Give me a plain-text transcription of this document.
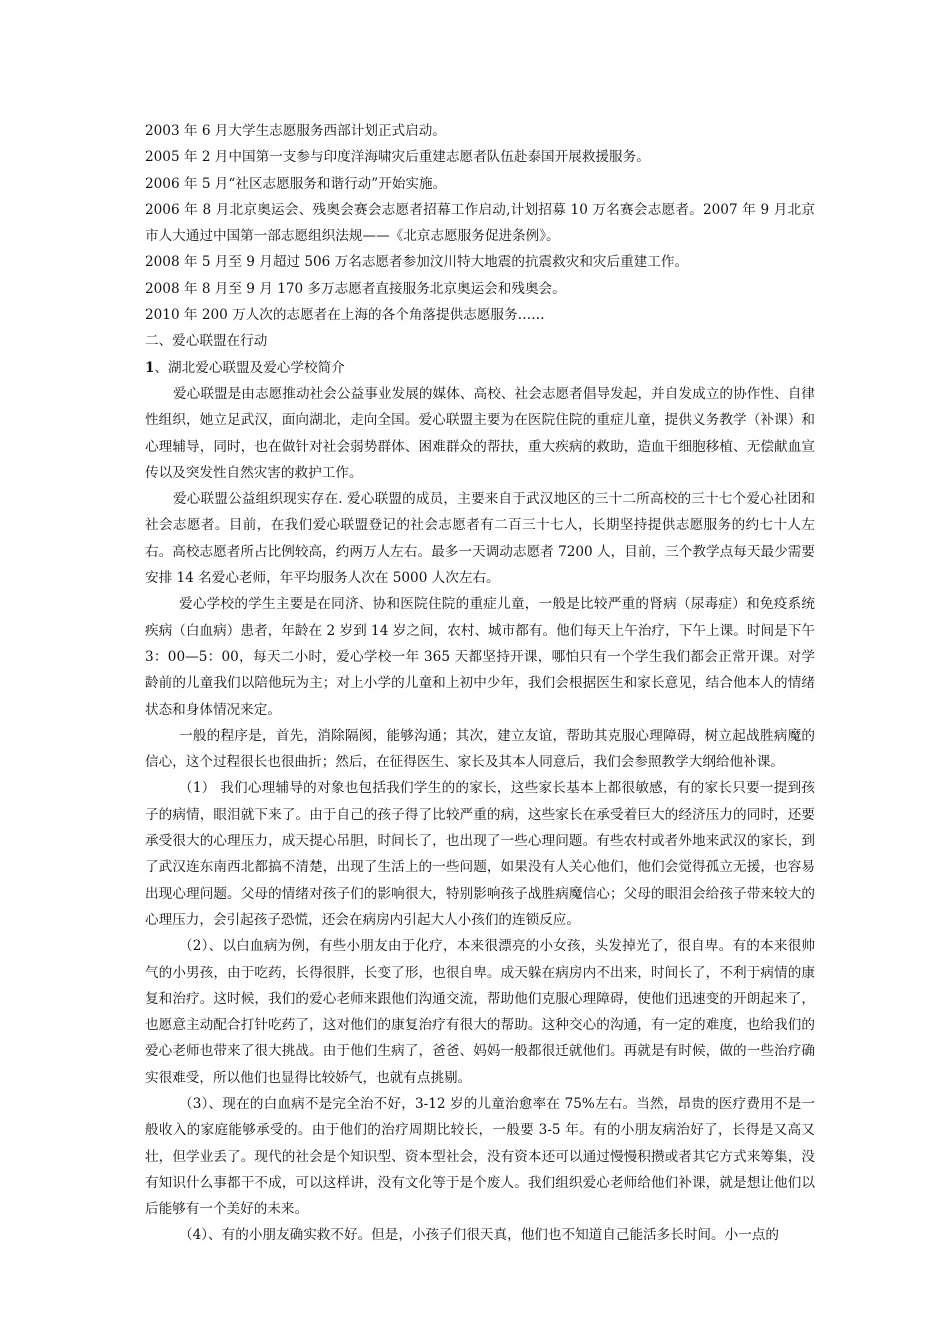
2003 年 6 月大学生志愿服务西部计划正式启动。

2005 年 2 月中国第一支参与印度洋海啸灾后重建志愿者队伍赴泰国开展救援服务。

2006 年 5 月“社区志愿服务和谐行动”开始实施。

2006 年 8 月北京奥运会、残奥会赛会志愿者招幕工作启动,计划招募 10 万名赛会志愿者。2007 年 9 月北京市人大通过中国第一部志愿组织法规——《北京志愿服务促进条例》。

2008 年 5 月至 9 月超过 506 万名志愿者参加汶川特大地震的抗震救灾和灾后重建工作。

2008 年 8 月至 9 月 170 多万志愿者直接服务北京奥运会和残奥会。

2010 年 200 万人次的志愿者在上海的各个角落提供志愿服务……

二、爱心联盟在行动

1、湖北爱心联盟及爱心学校简介

爱心联盟是由志愿推动社会公益事业发展的媒体、高校、社会志愿者倡导发起，并自发成立的协作性、自律性组织，她立足武汉，面向湖北，走向全国。爱心联盟主要为在医院住院的重症儿童，提供义务教学（补课）和心理辅导，同时，也在做针对社会弱势群体、困难群众的帮扶，重大疾病的救助，造血干细胞移植、无偿献血宣传以及突发性自然灾害的救护工作。

爱心联盟公益组织现实存在. 爱心联盟的成员，主要来自于武汉地区的三十二所高校的三十七个爱心社团和社会志愿者。目前，在我们爱心联盟登记的社会志愿者有二百三十七人，长期坚持提供志愿服务的约七十人左右。高校志愿者所占比例较高，约两万人左右。最多一天调动志愿者 7200 人，目前，三个教学点每天最少需要安排 14 名爱心老师，年平均服务人次在 5000 人次左右。

爱心学校的学生主要是在同济、协和医院住院的重症儿童，一般是比较严重的肾病（尿毒症）和免疫系统疾病（白血病）患者，年龄在 2 岁到 14 岁之间，农村、城市都有。他们每天上午治疗，下午上课。时间是下午 3：00—5：00，每天二小时，爱心学校一年 365 天都坚持开课，哪怕只有一个学生我们都会正常开课。对学龄前的儿童我们以陪他玩为主；对上小学的儿童和上初中少年，我们会根据医生和家长意见，结合他本人的情绪状态和身体情况来定。

一般的程序是，首先，消除隔阂，能够沟通；其次，建立友谊，帮助其克服心理障碍，树立起战胜病魔的信心，这个过程很长也很曲折；然后，在征得医生、家长及其本人同意后，我们会参照教学大纲给他补课。

（1） 我们心理辅导的对象也包括我们学生的的家长，这些家长基本上都很敏感，有的家长只要一提到孩子的病情，眼泪就下来了。由于自己的孩子得了比较严重的病，这些家长在承受着巨大的经济压力的同时，还要承受很大的心理压力，成天提心吊胆，时间长了，也出现了一些心理问题。有些农村或者外地来武汉的家长，到了武汉连东南西北都搞不清楚，出现了生活上的一些问题，如果没有人关心他们，他们会觉得孤立无援，也容易出现心理问题。父母的情绪对孩子们的影响很大，特别影响孩子战胜病魔信心；父母的眼泪会给孩子带来较大的心理压力，会引起孩子恐慌，还会在病房内引起大人小孩们的连锁反应。

（2）、以白血病为例，有些小朋友由于化疗，本来很漂亮的小女孩，头发掉光了，很自卑。有的本来很帅气的小男孩，由于吃药，长得很胖，长变了形，也很自卑。成天躲在病房内不出来，时间长了，不利于病情的康复和治疗。这时候，我们的爱心老师来跟他们沟通交流，帮助他们克服心理障碍，使他们迅速变的开朗起来了，也愿意主动配合打针吃药了，这对他们的康复治疗有很大的帮助。这种交心的沟通，有一定的难度，也给我们的爱心老师也带来了很大挑战。由于他们生病了，爸爸、妈妈一般都很迁就他们。再就是有时候，做的一些治疗确实很难受，所以他们也显得比较娇气，也就有点挑剔。

（3）、现在的白血病不是完全治不好，3-12 岁的儿童治愈率在 75%左右。当然，昂贵的医疗费用不是一般收入的家庭能够承受的。由于他们的治疗周期比较长，一般要 3-5 年。有的小朋友病治好了，长得是又高又壮，但学业丢了。现代的社会是个知识型、资本型社会，没有资本还可以通过慢慢积攒或者其它方式来筹集，没有知识什么事都干不成，可以这样讲，没有文化等于是个废人。我们组织爱心老师给他们补课，就是想让他们以后能够有一个美好的未来。

（4）、有的小朋友确实救不好。但是，小孩子们很天真，他们也不知道自己能活多长时间。小一点的
